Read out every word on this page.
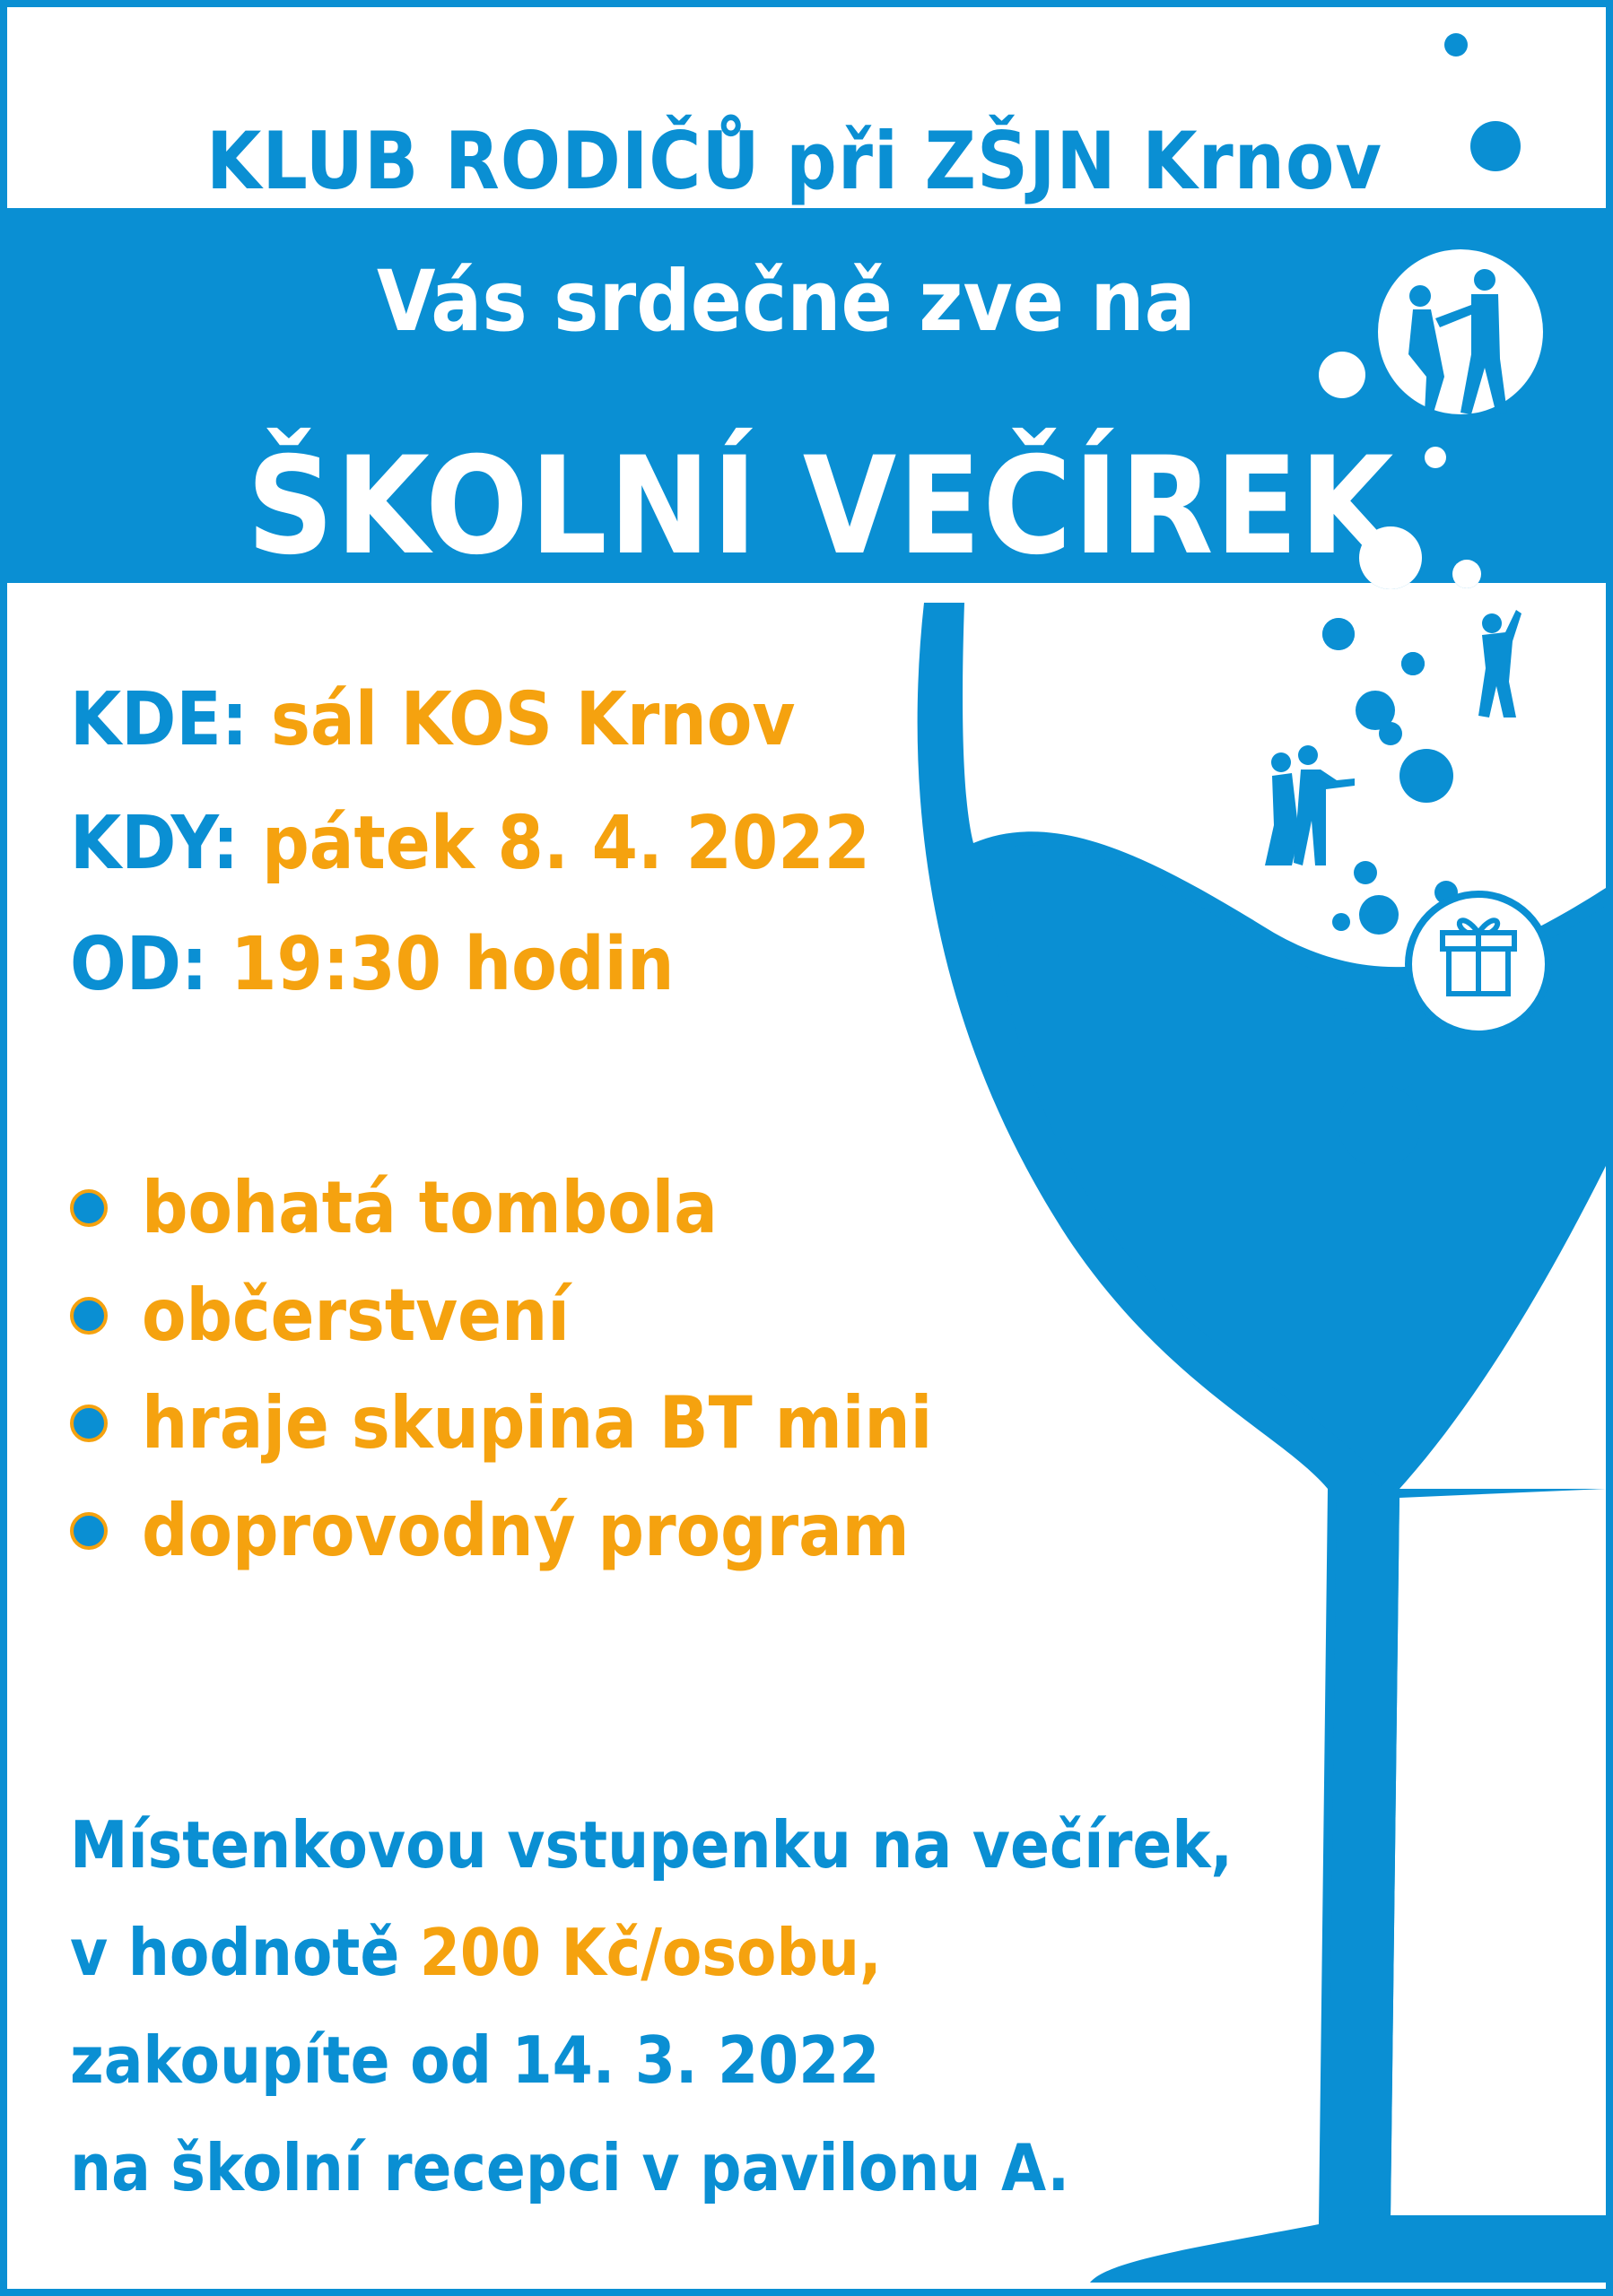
KLUB RODIČŮ při ZŠJN Krnov
Vás srdečně zve na
ŠKOLNÍ VEČÍREK
KDE: sál KOS Krnov
KDY: pátek 8. 4. 2022
OD: 19:30 hodin
bohatá tombola
občerstvení
hraje skupina BT mini
doprovodný program
Místenkovou vstupenku na večírek,
v hodnotě 200 Kč/osobu,
zakoupíte od 14. 3. 2022
na školní recepci v pavilonu A.
